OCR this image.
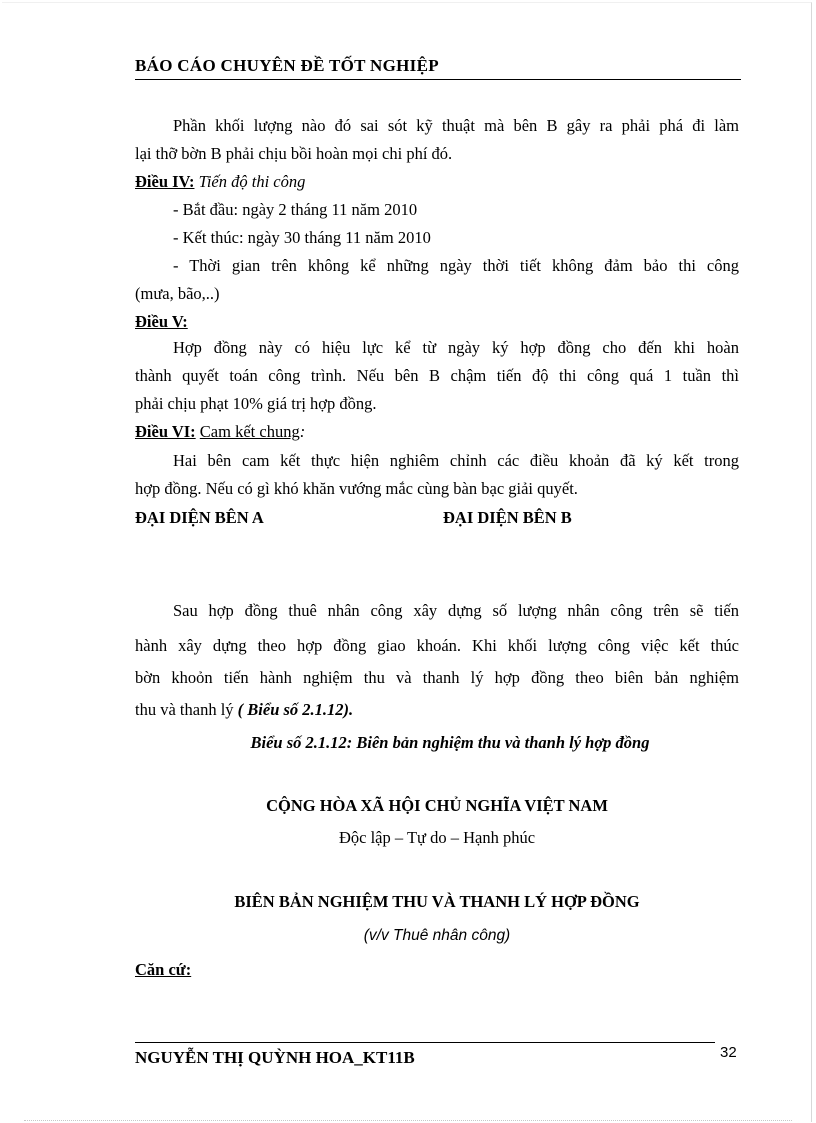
BÁO CÁO CHUYÊN ĐỀ TỐT NGHIỆP
Phần khối lượng nào đó sai sót kỹ thuật mà bên B gây ra phải phá đi làm
lại thỡ bờn B phải chịu bồi hoàn mọi chi phí đó.
Điều IV: Tiến độ thi công
- Bắt đầu: ngày 2 tháng 11 năm 2010
- Kết thúc: ngày 30 tháng 11 năm 2010
- Thời gian trên không kể những ngày thời tiết không đảm bảo thi công
(mưa, bão,..)
Điều V:
Hợp đồng này có hiệu lực kể từ ngày ký hợp đồng cho đến khi hoàn
thành quyết toán công trình. Nếu bên B chậm tiến độ thi công quá 1 tuần thì
phải chịu phạt 10% giá trị hợp đồng.
Điều VI: Cam kết chung:
Hai bên cam kết thực hiện nghiêm chỉnh các điều khoản đã ký kết trong
hợp đồng. Nếu có gì khó khăn vướng mắc cùng bàn bạc giải quyết.
ĐẠI DIỆN BÊN A	ĐẠI DIỆN BÊN B
Sau hợp đồng thuê nhân công xây dựng số lượng nhân công trên sẽ tiến
hành xây dựng theo hợp đồng giao khoán. Khi khối lượng công việc kết thúc
bờn khoỏn tiến hành nghiệm thu và thanh lý hợp đồng theo biên bản nghiệm
thu và thanh lý ( Biểu số 2.1.12).
Biểu số 2.1.12: Biên bản nghiệm thu và thanh lý hợp đồng
CỘNG HÒA XÃ HỘI CHỦ NGHĨA VIỆT NAM
Độc lập – Tự do – Hạnh phúc
BIÊN BẢN NGHIỆM THU VÀ THANH LÝ HỢP ĐỒNG
(v/v Thuê nhân công)
Căn cứ:
NGUYỄN THỊ QUỲNH HOA_KT11B	32
